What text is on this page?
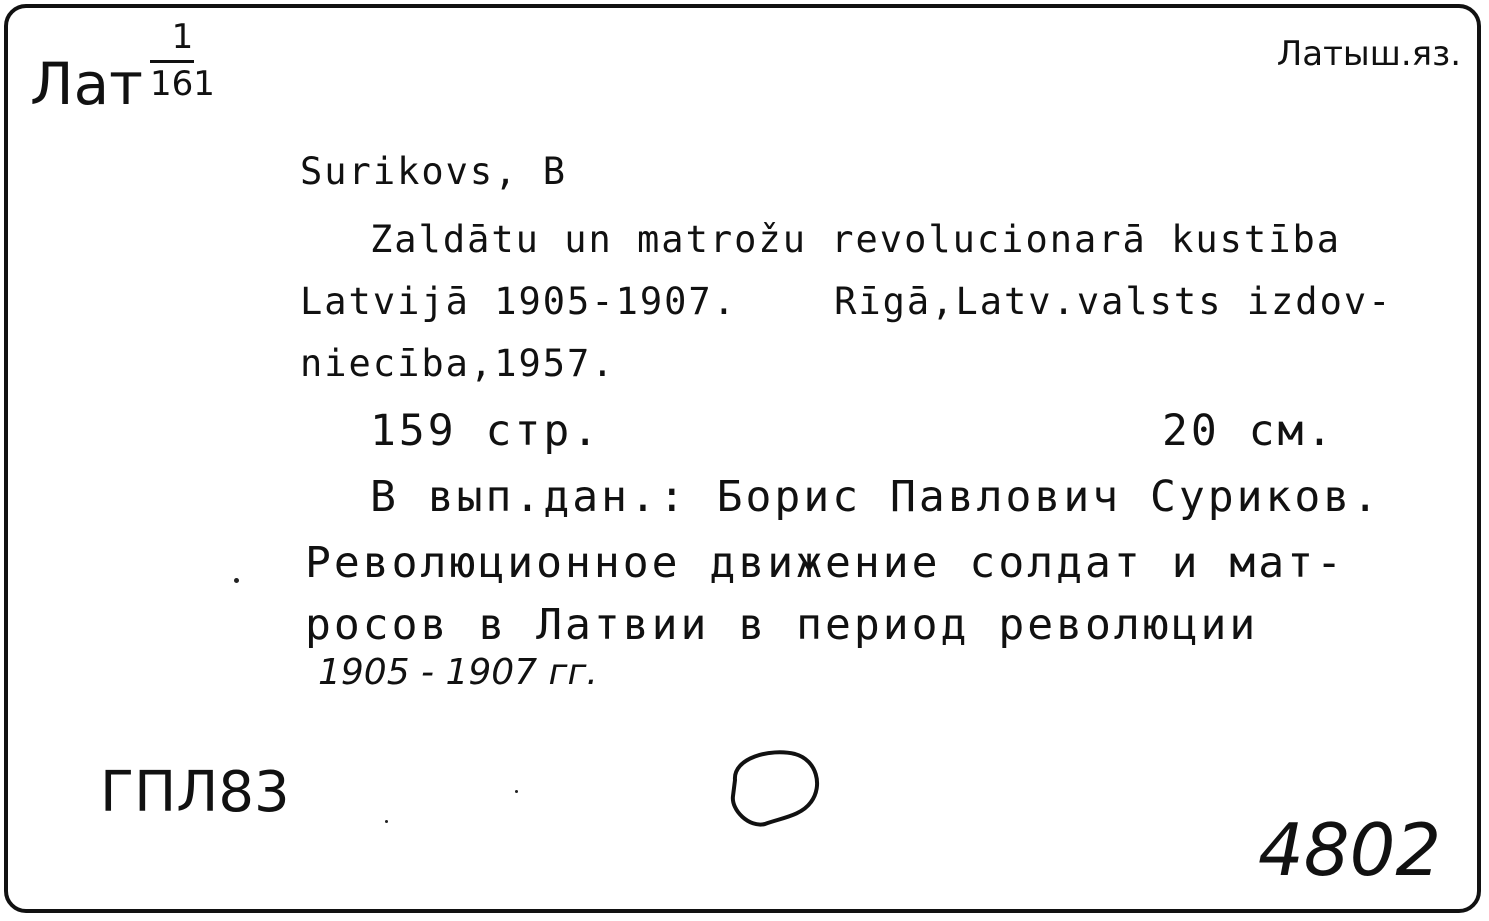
Лат
1
161
Латыш.яз.
Surikovs, B
Zaldātu un matrožu revolucionarā kustība
Latvijā 1905-1907.    Rīgā,Latv.valsts izdov-
niecība,1957.
159 стр.	20 см.
В вып.дан.: Борис Павлович Суриков.
Революционное движение солдат и мат-
росов в Латвии в период революции
1905 - 1907 гг.
ГПЛ83
4802
